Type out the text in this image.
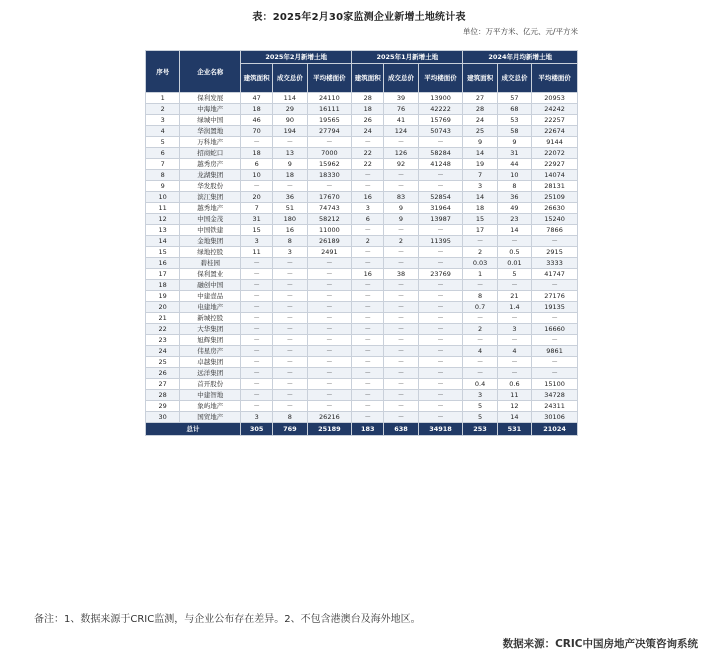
表：2025年2月30家监测企业新增土地统计表
单位：万平方米、亿元、元/平方米
序号	企业名称	2025年2月新增土地			2025年1月新增土地			2024年月均新增土地		
		建筑面积	成交总价	平均楼面价	建筑面积	成交总价	平均楼面价	建筑面积	成交总价	平均楼面价
1	保利发展	47	114	24110	28	39	13900	27	57	20953
2	中海地产	18	29	16111	18	76	42222	28	68	24242
3	绿城中国	46	90	19565	26	41	15769	24	53	22257
4	华润置地	70	194	27794	24	124	50743	25	58	22674
5	万科地产	－	－	－	－	－	－	9	9	9144
6	招商蛇口	18	13	7000	22	126	58284	14	31	22072
7	越秀房产	6	9	15962	22	92	41248	19	44	22927
8	龙湖集团	10	18	18330	－	－	－	7	10	14074
9	华发股份	－	－	－	－	－	－	3	8	28131
10	滨江集团	20	36	17670	16	83	52854	14	36	25109
11	越秀地产	7	51	74743	3	9	31964	18	49	26630
12	中国金茂	31	180	58212	6	9	13987	15	23	15240
13	中国铁建	15	16	11000	－	－	－	17	14	7866
14	金地集团	3	8	26189	2	2	11395	－	－	－
15	绿地控股	11	3	2491	－	－	－	2	0.5	2915
16	碧桂园	－	－	－	－	－	－	0.03	0.01	3333
17	保利置业	－	－	－	16	38	23769	1	5	41747
18	融创中国	－	－	－	－	－	－	－	－	－
19	中建壹品	－	－	－	－	－	－	8	21	27176
20	电建地产	－	－	－	－	－	－	0.7	1.4	19135
21	新城控股	－	－	－	－	－	－	－	－	－
22	大华集团	－	－	－	－	－	－	2	3	16660
23	旭辉集团	－	－	－	－	－	－	－	－	－
24	伟星房产	－	－	－	－	－	－	4	4	9861
25	卓越集团	－	－	－	－	－	－	－	－	－
26	远洋集团	－	－	－	－	－	－	－	－	－
27	首开股份	－	－	－	－	－	－	0.4	0.6	15100
28	中建智地	－	－	－	－	－	－	3	11	34728
29	象屿地产	－	－	－	－	－	－	5	12	24311
30	国贸地产	3	8	26216	－	－	－	5	14	30106
总计		305	769	25189	183	638	34918	253	531	21024
备注：1、数据来源于CRIC监测，与企业公布存在差异。2、不包含港澳台及海外地区。
数据来源：CRIC中国房地产决策咨询系统
